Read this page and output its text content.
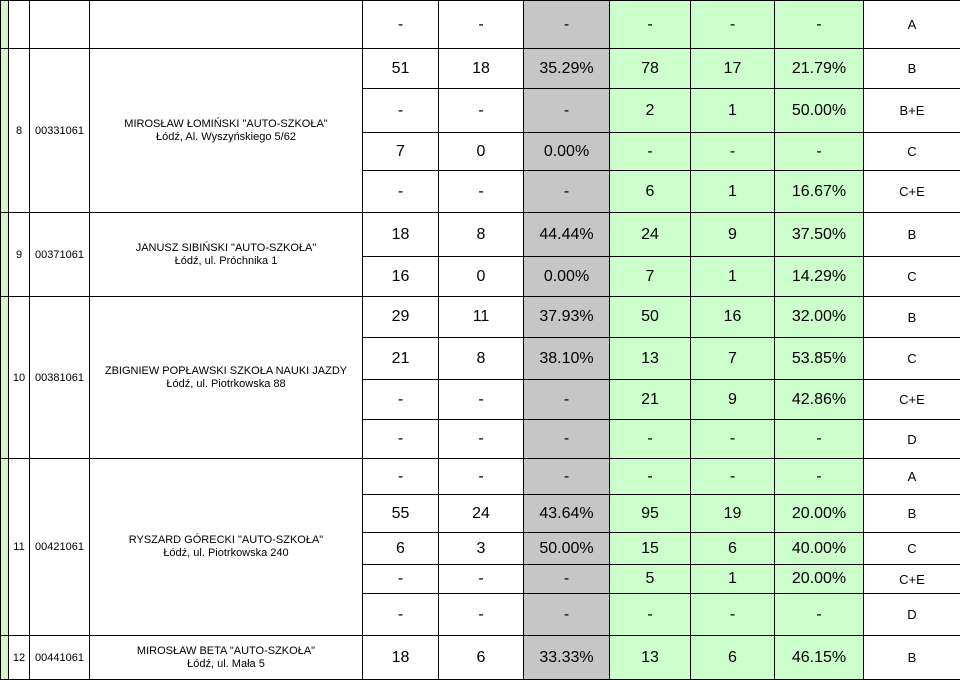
	-	-	-	-	-	-	A
	8	00331061	MIROSŁAW ŁOMIŃSKI "AUTO-SZKOŁA"
Łódź, Al. Wyszyńskiego 5/62	51	18	35.29%	78	17	21.79%	B
				-	-	-	2	1	50.00%	B+E
				7	0	0.00%	-	-	-	C
				-	-	-	6	1	16.67%	C+E
	9	00371061	JANUSZ SIBIŃSKI "AUTO-SZKOŁA"
Łódź, ul. Próchnika 1	18	8	44.44%	24	9	37.50%	B
				16	0	0.00%	7	1	14.29%	C
	10	00381061	ZBIGNIEW POPŁAWSKI SZKOŁA NAUKI JAZDY
Łódź, ul. Piotrkowska 88	29	11	37.93%	50	16	32.00%	B
				21	8	38.10%	13	7	53.85%	C
				-	-	-	21	9	42.86%	C+E
				-	-	-	-	-	-	D
	11	00421061	RYSZARD GÓRECKI "AUTO-SZKOŁA"
Łódź, ul. Piotrkowska 240	-	-	-	-	-	-	A
				55	24	43.64%	95	19	20.00%	B
				6	3	50.00%	15	6	40.00%	C
				-	-	-	5	1	20.00%	C+E
				-	-	-	-	-	-	D
	12	00441061	MIROSŁAW BETA "AUTO-SZKOŁA"
Łódź, ul. Mała 5	18	6	33.33%	13	6	46.15%	B
